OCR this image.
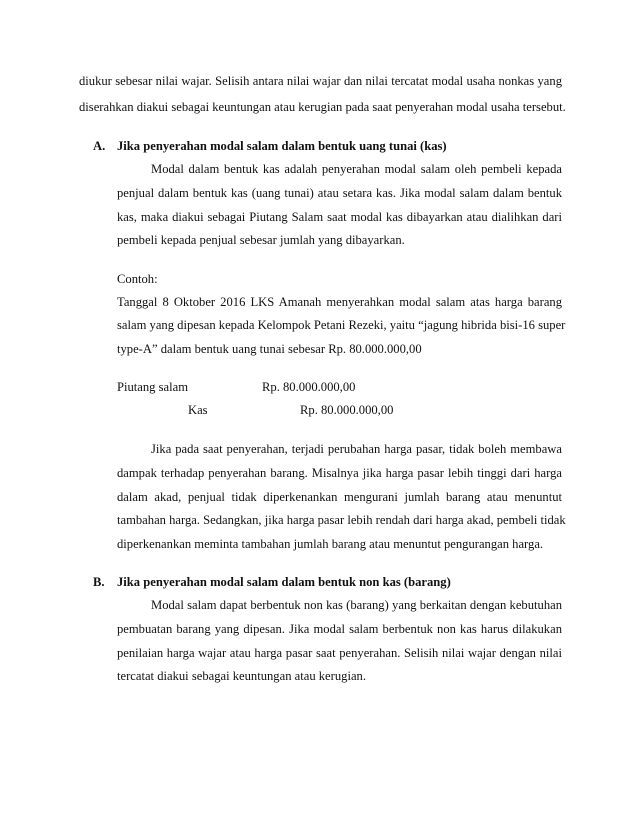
diukur sebesar nilai wajar. Selisih antara nilai wajar dan nilai tercatat modal usaha nonkas yang
diserahkan diakui sebagai keuntungan atau kerugian pada saat penyerahan modal usaha tersebut.
A. Jika penyerahan modal salam dalam bentuk uang tunai (kas)
Modal dalam bentuk kas adalah penyerahan modal salam oleh pembeli kepada
penjual dalam bentuk kas (uang tunai) atau setara kas. Jika modal salam dalam bentuk
kas, maka diakui sebagai Piutang Salam saat modal kas dibayarkan atau dialihkan dari
pembeli kepada penjual sebesar jumlah yang dibayarkan.
Contoh:
Tanggal 8 Oktober 2016 LKS Amanah menyerahkan modal salam atas harga barang
salam yang dipesan kepada Kelompok Petani Rezeki, yaitu “jagung hibrida bisi-16 super
type-A” dalam bentuk uang tunai sebesar Rp. 80.000.000,00
Piutang salam	Rp. 80.000.000,00
Kas	Rp. 80.000.000,00
Jika pada saat penyerahan, terjadi perubahan harga pasar, tidak boleh membawa
dampak terhadap penyerahan barang. Misalnya jika harga pasar lebih tinggi dari harga
dalam akad, penjual tidak diperkenankan mengurani jumlah barang atau menuntut
tambahan harga. Sedangkan, jika harga pasar lebih rendah dari harga akad, pembeli tidak
diperkenankan meminta tambahan jumlah barang atau menuntut pengurangan harga.
B. Jika penyerahan modal salam dalam bentuk non kas (barang)
Modal salam dapat berbentuk non kas (barang) yang berkaitan dengan kebutuhan
pembuatan barang yang dipesan. Jika modal salam berbentuk non kas harus dilakukan
penilaian harga wajar atau harga pasar saat penyerahan. Selisih nilai wajar dengan nilai
tercatat diakui sebagai keuntungan atau kerugian.
